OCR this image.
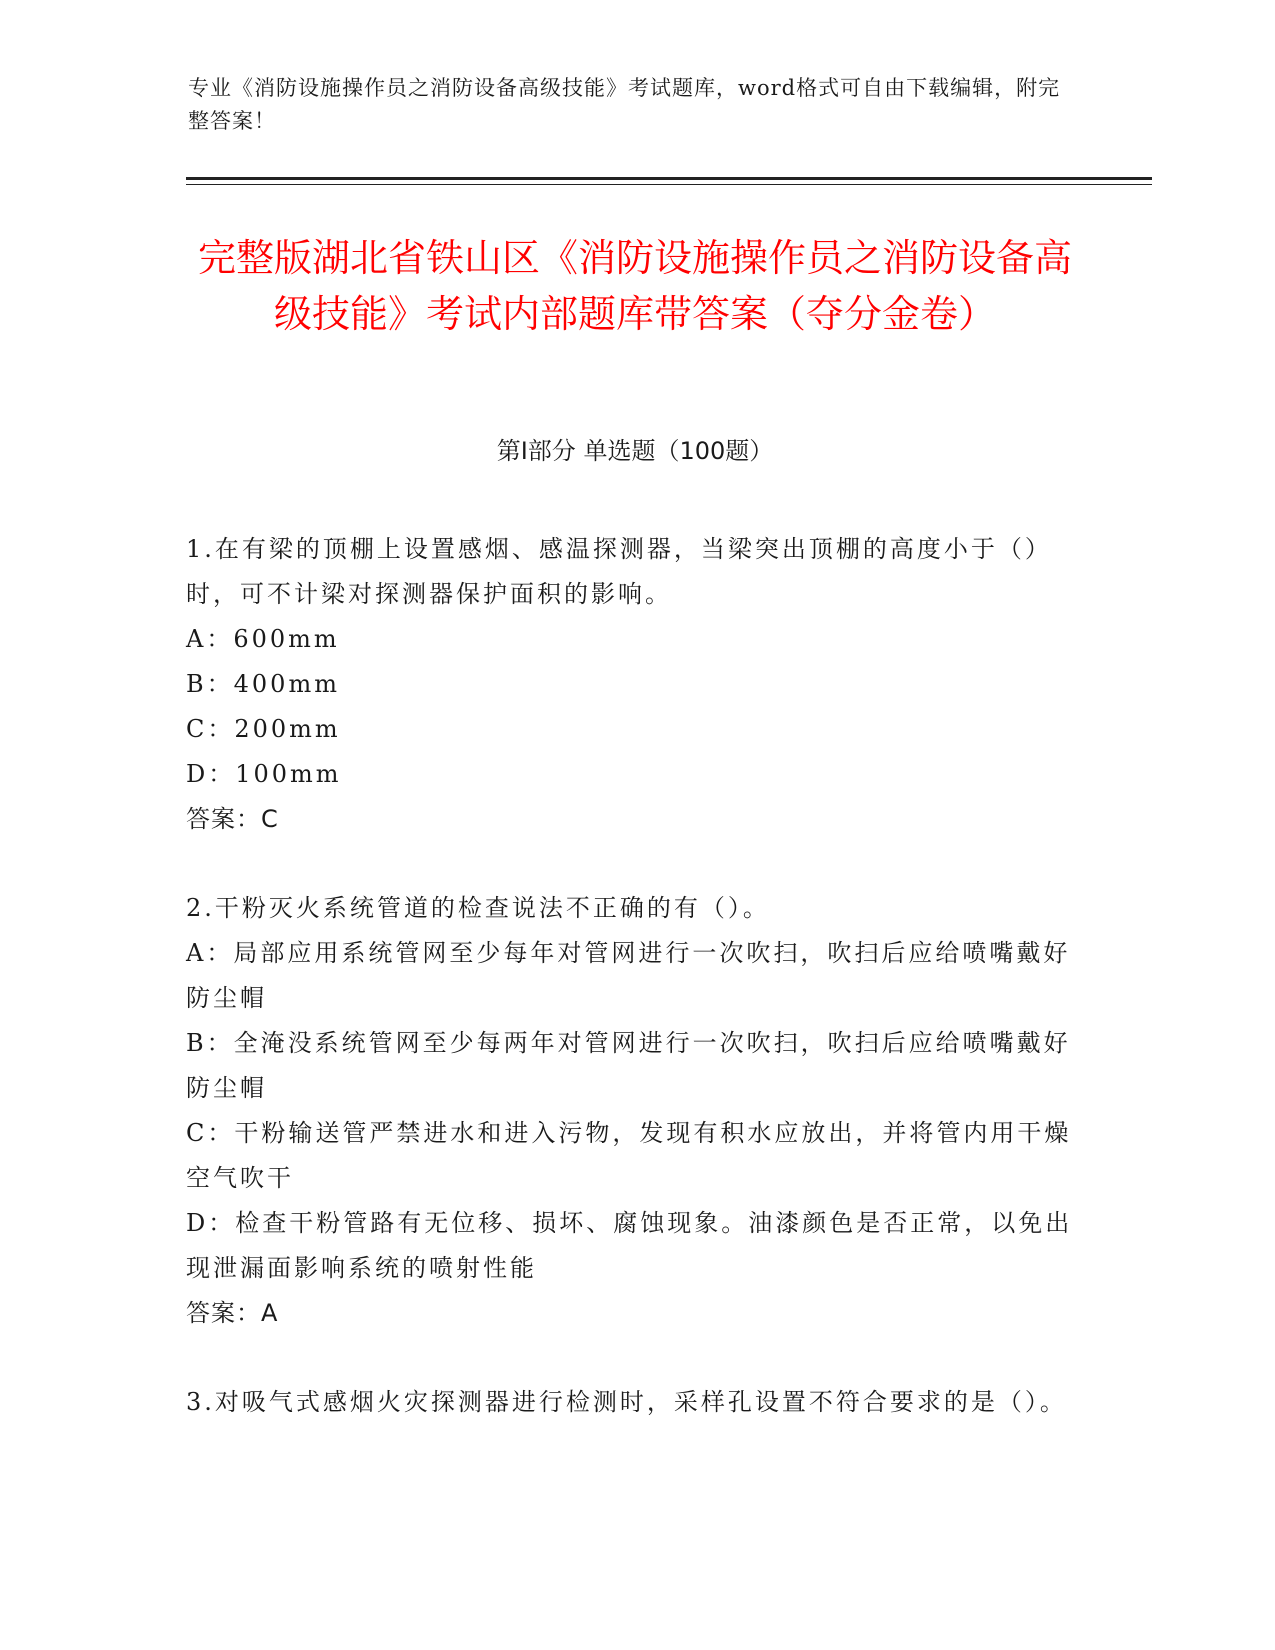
专业《消防设施操作员之消防设备高级技能》考试题库，word格式可自由下载编辑，附完整答案！
完整版湖北省铁山区《消防设施操作员之消防设备高级技能》考试内部题库带答案（夺分金卷）
第I部分 单选题（100题）
1.在有梁的顶棚上设置感烟、感温探测器，当梁突出顶棚的高度小于（）时，可不计梁对探测器保护面积的影响。
A：600mm
B：400mm
C：200mm
D：100mm
答案：C
2.干粉灭火系统管道的检查说法不正确的有（）。
A：局部应用系统管网至少每年对管网进行一次吹扫，吹扫后应给喷嘴戴好防尘帽
B：全淹没系统管网至少每两年对管网进行一次吹扫，吹扫后应给喷嘴戴好防尘帽
C：干粉输送管严禁进水和进入污物，发现有积水应放出，并将管内用干燥空气吹干
D：检查干粉管路有无位移、损坏、腐蚀现象。油漆颜色是否正常，以免出现泄漏面影响系统的喷射性能
答案：A
3.对吸气式感烟火灾探测器进行检测时，采样孔设置不符合要求的是（）。
